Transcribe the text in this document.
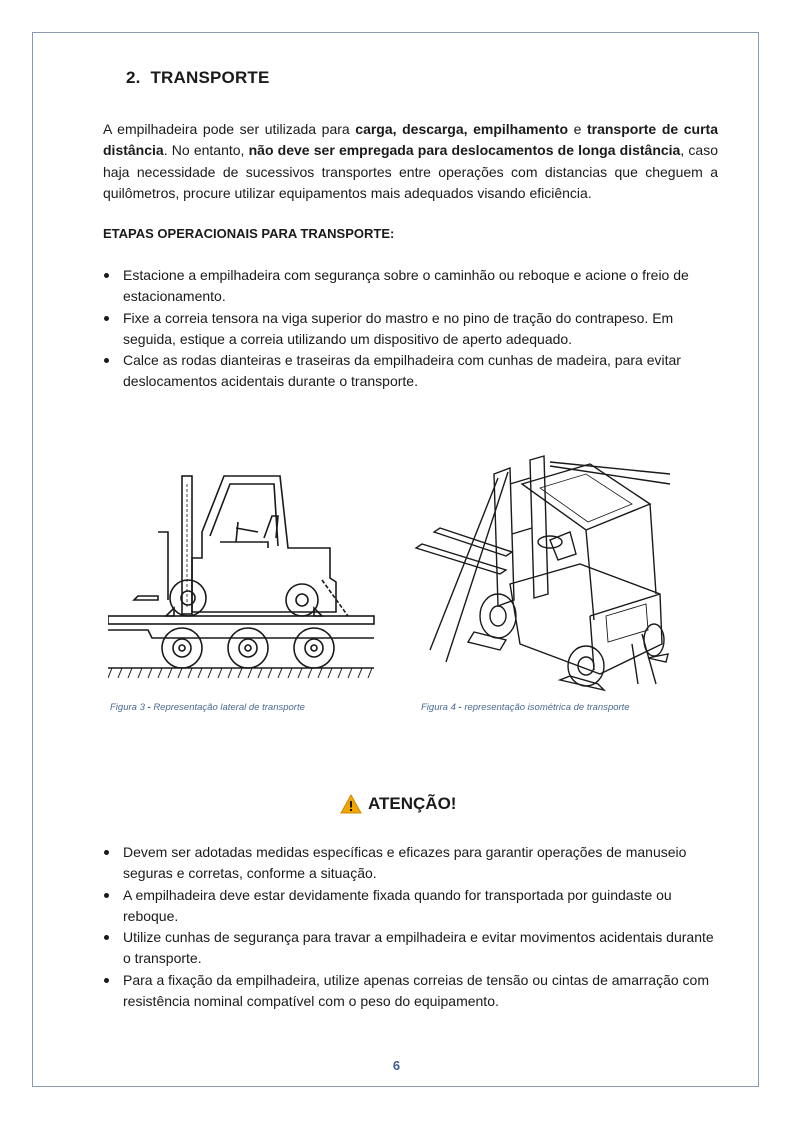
2. TRANSPORTE
A empilhadeira pode ser utilizada para carga, descarga, empilhamento e transporte de curta distância. No entanto, não deve ser empregada para deslocamentos de longa distância, caso haja necessidade de sucessivos transportes entre operações com distancias que cheguem a quilômetros, procure utilizar equipamentos mais adequados visando eficiência.
ETAPAS OPERACIONAIS PARA TRANSPORTE:
Estacione a empilhadeira com segurança sobre o caminhão ou reboque e acione o freio de estacionamento.
Fixe a correia tensora na viga superior do mastro e no pino de tração do contrapeso. Em seguida, estique a correia utilizando um dispositivo de aperto adequado.
Calce as rodas dianteiras e traseiras da empilhadeira com cunhas de madeira, para evitar deslocamentos acidentais durante o transporte.
Figura 3 - Representação lateral de transporte	Figura 4 - representação isométrica de transporte
ATENÇÃO!
Devem ser adotadas medidas específicas e eficazes para garantir operações de manuseio seguras e corretas, conforme a situação.
A empilhadeira deve estar devidamente fixada quando for transportada por guindaste ou reboque.
Utilize cunhas de segurança para travar a empilhadeira e evitar movimentos acidentais durante o transporte.
Para a fixação da empilhadeira, utilize apenas correias de tensão ou cintas de amarração com resistência nominal compatível com o peso do equipamento.
6
